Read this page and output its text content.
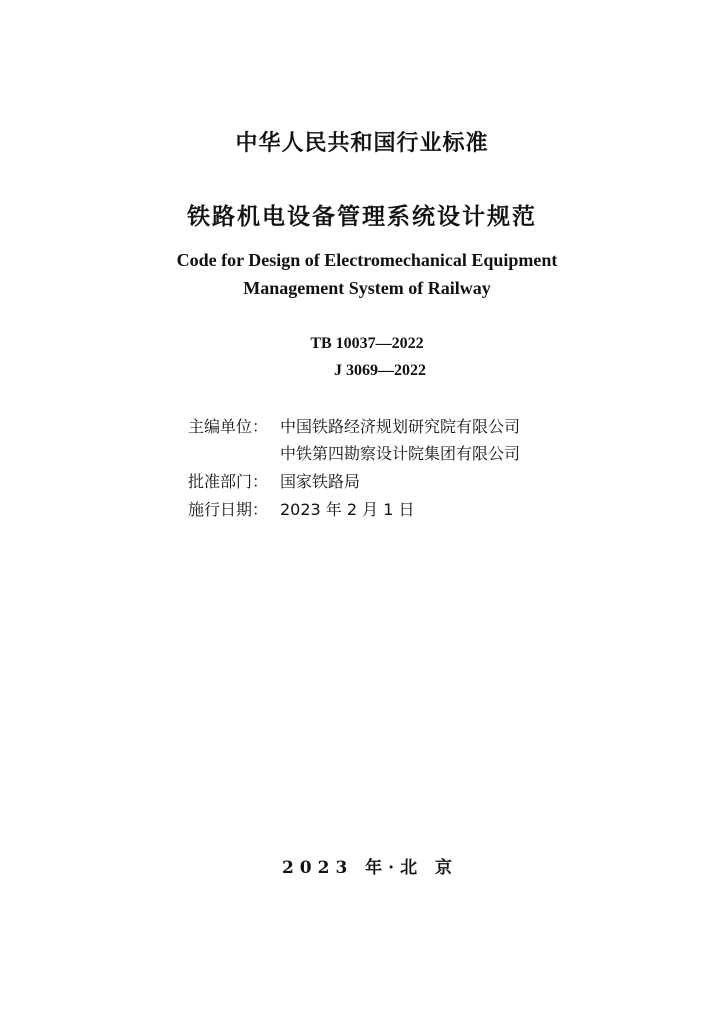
中华人民共和国行业标准
铁路机电设备管理系统设计规范
Code for Design of Electromechanical Equipment
Management System of Railway
TB 10037—2022
J 3069—2022
主编单位： 中国铁路经济规划研究院有限公司
中铁第四勘察设计院集团有限公司
批准部门： 国家铁路局
施行日期： 2023 年 2 月 1 日
2023 年·北 京
